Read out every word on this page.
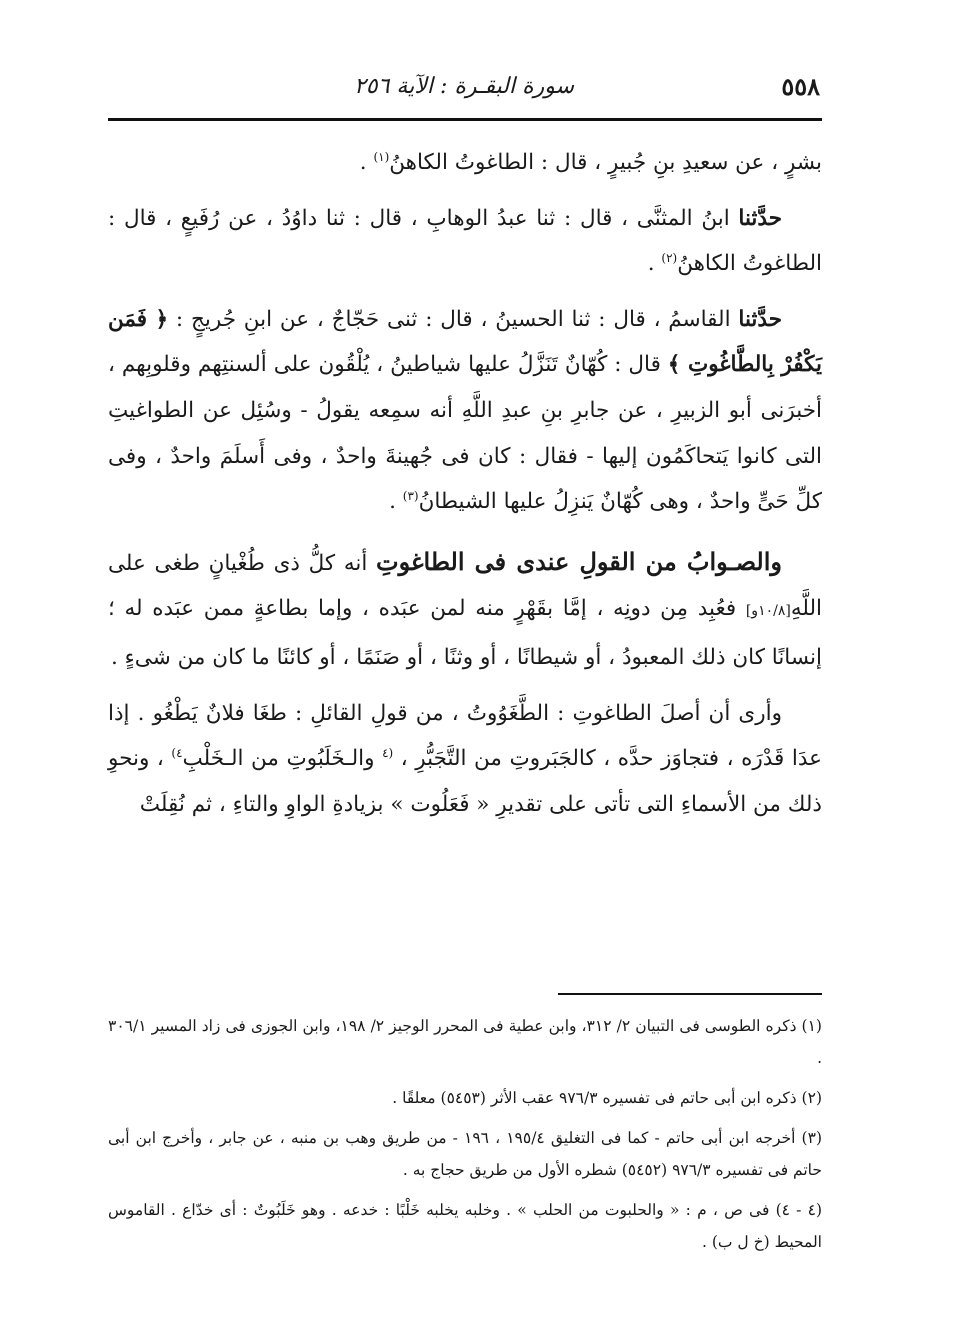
٥٥٨
سورة البقـرة : الآية ٢٥٦

بشرٍ ، عن سعيدِ بنِ جُبيرٍ ، قال : الطاغوتُ الكاهنُ$^{(١)}$ .

حدَّثنا ابنُ المثنَّى ، قال : ثنا عبدُ الوهابِ ، قال : ثنا داوُدُ ، عن رُفَيعٍ ، قال : الطاغوتُ الكاهنُ$^{(٢)}$ .

حدَّثنا القاسمُ ، قال : ثنا الحسينُ ، قال : ثنى حَجّاجٌ ، عن ابنِ جُريجٍ : ﴿ فَمَن يَكْفُرْ بِالطَّاغُوتِ ﴾ قال : كُهّانٌ تَنَزَّلُ عليها شياطينُ ، يُلْقُون على ألسنتِهم وقلوبِهم ، أخبرَنى أبو الزبيرِ ، عن جابرِ بنِ عبدِ اللَّهِ أنه سمِعه يقولُ - وسُئِل عن الطواغيتِ التى كانوا يَتحاكَمُون إليها - فقال : كان فى جُهينةَ واحدٌ ، وفى أَسلَمَ واحدٌ ، وفى كلِّ حَىٍّ واحدٌ ، وهى كُهّانٌ يَنزِلُ عليها الشيطانُ$^{(٣)}$ .

والصـوابُ من القولِ عندى فى الطاغوتِ أنه كلُّ ذى طُغْيانٍ طغى على اللَّهِ[١٠/٨و] فعُبِد مِن دونِه ، إمَّا بقَهْرٍ منه لمن عبَده ، وإما بطاعةٍ ممن عبَده له ؛ إنسانًا كان ذلك المعبودُ ، أو شيطانًا ، أو وثنًا ، أو صَنَمًا ، أو كائنًا ما كان من شىءٍ .

وأرى أن أصلَ الطاغوتِ : الطَّغَوُوتُ ، من قولِ القائلِ : طغَا فلانٌ يَطْغُو . إذا عدَا قَدْرَه ، فتجاوَز حدَّه ، كالجَبَروتِ من التَّجَبُّرِ ، $^{(٤}$ والـخَلَبُوتِ من الـخَلْبِ$^{٤)}$ ، ونحوِ ذلك من الأسماءِ التى تأتى على تقديرِ « فَعَلُوت » بزيادةِ الواوِ والتاءِ ، ثم نُقِلَتْ

(١) ذكره الطوسى فى التبيان ٢/ ٣١٢، وابن عطية فى المحرر الوجيز ٢/ ١٩٨، وابن الجوزى فى زاد المسير ٣٠٦/١ .

(٢) ذكره ابن أبى حاتم فى تفسيره ٩٧٦/٣ عقب الأثر (٥٤٥٣) معلقًا .

(٣) أخرجه ابن أبى حاتم - كما فى التغليق ١٩٥/٤ ، ١٩٦ - من طريق وهب بن منبه ، عن جابر ، وأخرج ابن أبى حاتم فى تفسيره ٩٧٦/٣ (٥٤٥٢) شطره الأول من طريق حجاج به .

(٤ - ٤) فى ص ، م : « والحلبوت من الحلب » . وخلبه يخلبه خَلْبًا : خدعه . وهو خَلَبُوتٌ : أى خدّاع . القاموس المحيط (خ ل ب) .
